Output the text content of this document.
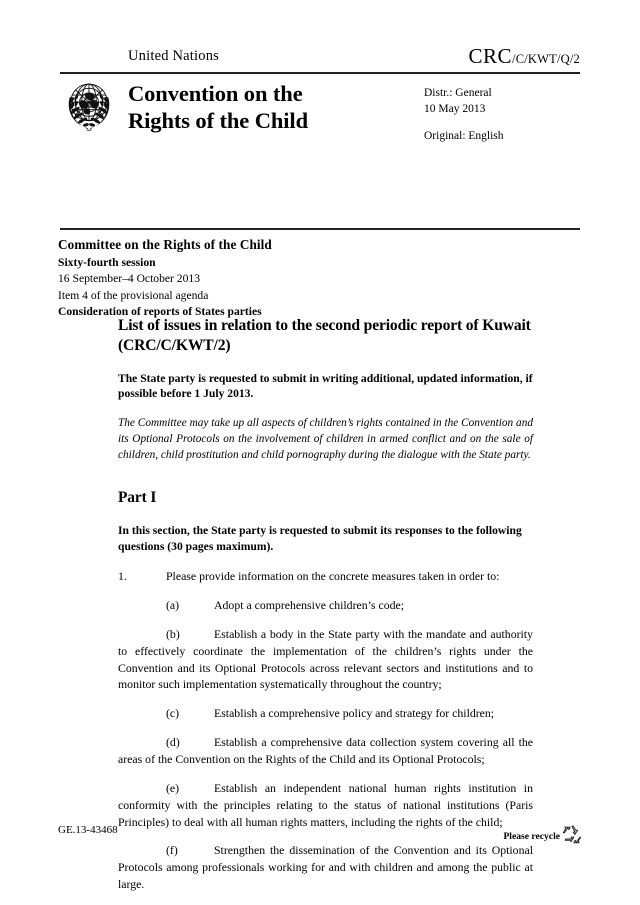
United Nations	CRC/C/KWT/Q/2
Convention on the
Rights of the Child
Distr.: General
10 May 2013
Original: English
Committee on the Rights of the Child
Sixty-fourth session
16 September–4 October 2013
Item 4 of the provisional agenda
Consideration of reports of States parties
List of issues in relation to the second periodic report of Kuwait (CRC/C/KWT/2)

The State party is requested to submit in writing additional, updated information, if possible before 1 July 2013.

The Committee may take up all aspects of children’s rights contained in the Convention and its Optional Protocols on the involvement of children in armed conflict and on the sale of children, child prostitution and child pornography during the dialogue with the State party.

Part I

In this section, the State party is requested to submit its responses to the following questions (30 pages maximum).

1.	Please provide information on the concrete measures taken in order to:
(a)	Adopt a comprehensive children’s code;
(b)	Establish a body in the State party with the mandate and authority to effectively coordinate the implementation of the children’s rights under the Convention and its Optional Protocols across relevant sectors and institutions and to monitor such implementation systematically throughout the country;
(c)	Establish a comprehensive policy and strategy for children;
(d)	Establish a comprehensive data collection system covering all the areas of the Convention on the Rights of the Child and its Optional Protocols;
(e)	Establish an independent national human rights institution in conformity with the principles relating to the status of national institutions (Paris Principles) to deal with all human rights matters, including the rights of the child;
(f)	Strengthen the dissemination of the Convention and its Optional Protocols among professionals working for and with children and among the public at large.
GE.13-43468
Please recycle
